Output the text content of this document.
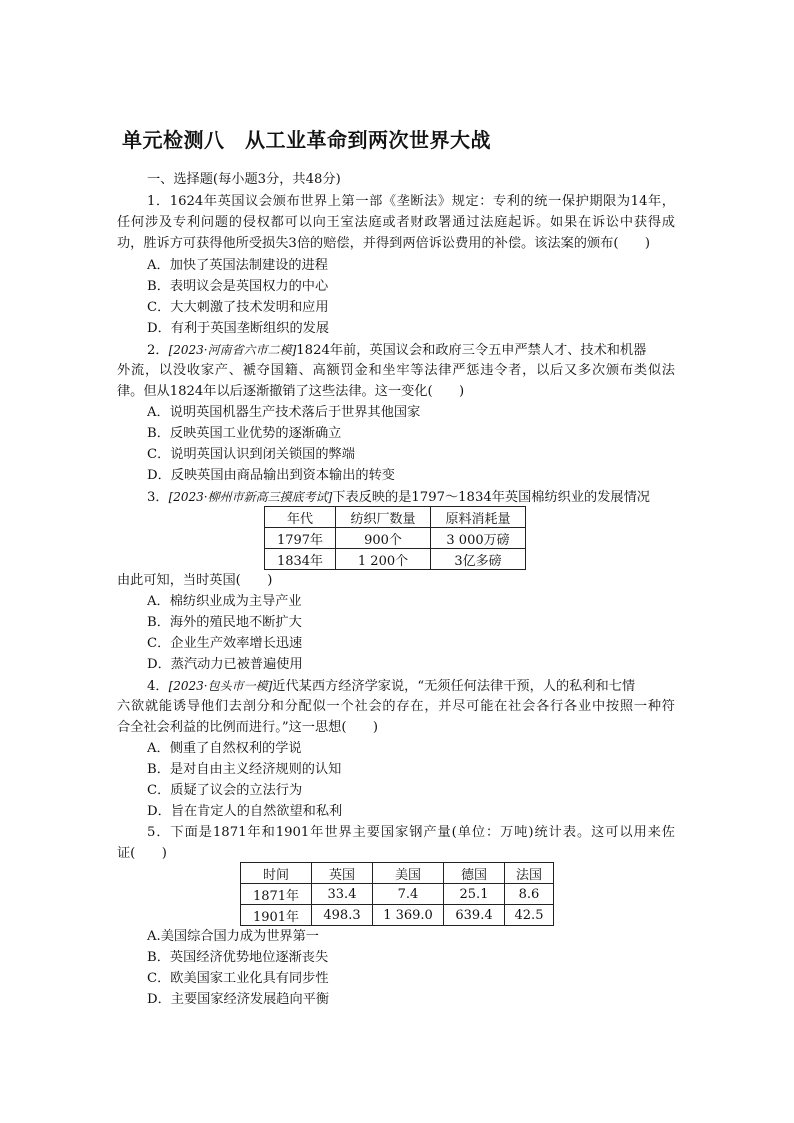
单元检测八　从工业革命到两次世界大战
一、选择题(每小题3分，共48分)
1．1624年英国议会颁布世界上第一部《垄断法》规定：专利的统一保护期限为14年，
任何涉及专利问题的侵权都可以向王室法庭或者财政署通过法庭起诉。如果在诉讼中获得成
功，胜诉方可获得他所受损失3倍的赔偿，并得到两倍诉讼费用的补偿。该法案的颁布(　　)
A．加快了英国法制建设的进程
B．表明议会是英国权力的中心
C．大大刺激了技术发明和应用
D．有利于英国垄断组织的发展
2．[2023·河南省六市二模]1824年前，英国议会和政府三令五申严禁人才、技术和机器
外流，以没收家产、褫夺国籍、高额罚金和坐牢等法律严惩违令者，以后又多次颁布类似法
律。但从1824年以后逐渐撤销了这些法律。这一变化(　　)
A．说明英国机器生产技术落后于世界其他国家
B．反映英国工业优势的逐渐确立
C．说明英国认识到闭关锁国的弊端
D．反映英国由商品输出到资本输出的转变
3．[2023·柳州市新高三摸底考试]下表反映的是1797～1834年英国棉纺织业的发展情况
年代	纺织厂数量	原料消耗量
1797年	900个	3 000万磅
1834年	1 200个	3亿多磅
由此可知，当时英国(　　)
A．棉纺织业成为主导产业
B．海外的殖民地不断扩大
C．企业生产效率增长迅速
D．蒸汽动力已被普遍使用
4．[2023·包头市一模]近代某西方经济学家说，“无须任何法律干预，人的私利和七情
六欲就能诱导他们去剖分和分配似一个社会的存在，并尽可能在社会各行各业中按照一种符
合全社会利益的比例而进行。”这一思想(　　)
A．侧重了自然权利的学说
B．是对自由主义经济规则的认知
C．质疑了议会的立法行为
D．旨在肯定人的自然欲望和私利
5．下面是1871年和1901年世界主要国家钢产量(单位：万吨)统计表。这可以用来佐
证(　　)
时间	英国	美国	德国	法国
1871年	33.4	7.4	25.1	8.6
1901年	498.3	1 369.0	639.4	42.5
A.美国综合国力成为世界第一
B．英国经济优势地位逐渐丧失
C．欧美国家工业化具有同步性
D．主要国家经济发展趋向平衡
